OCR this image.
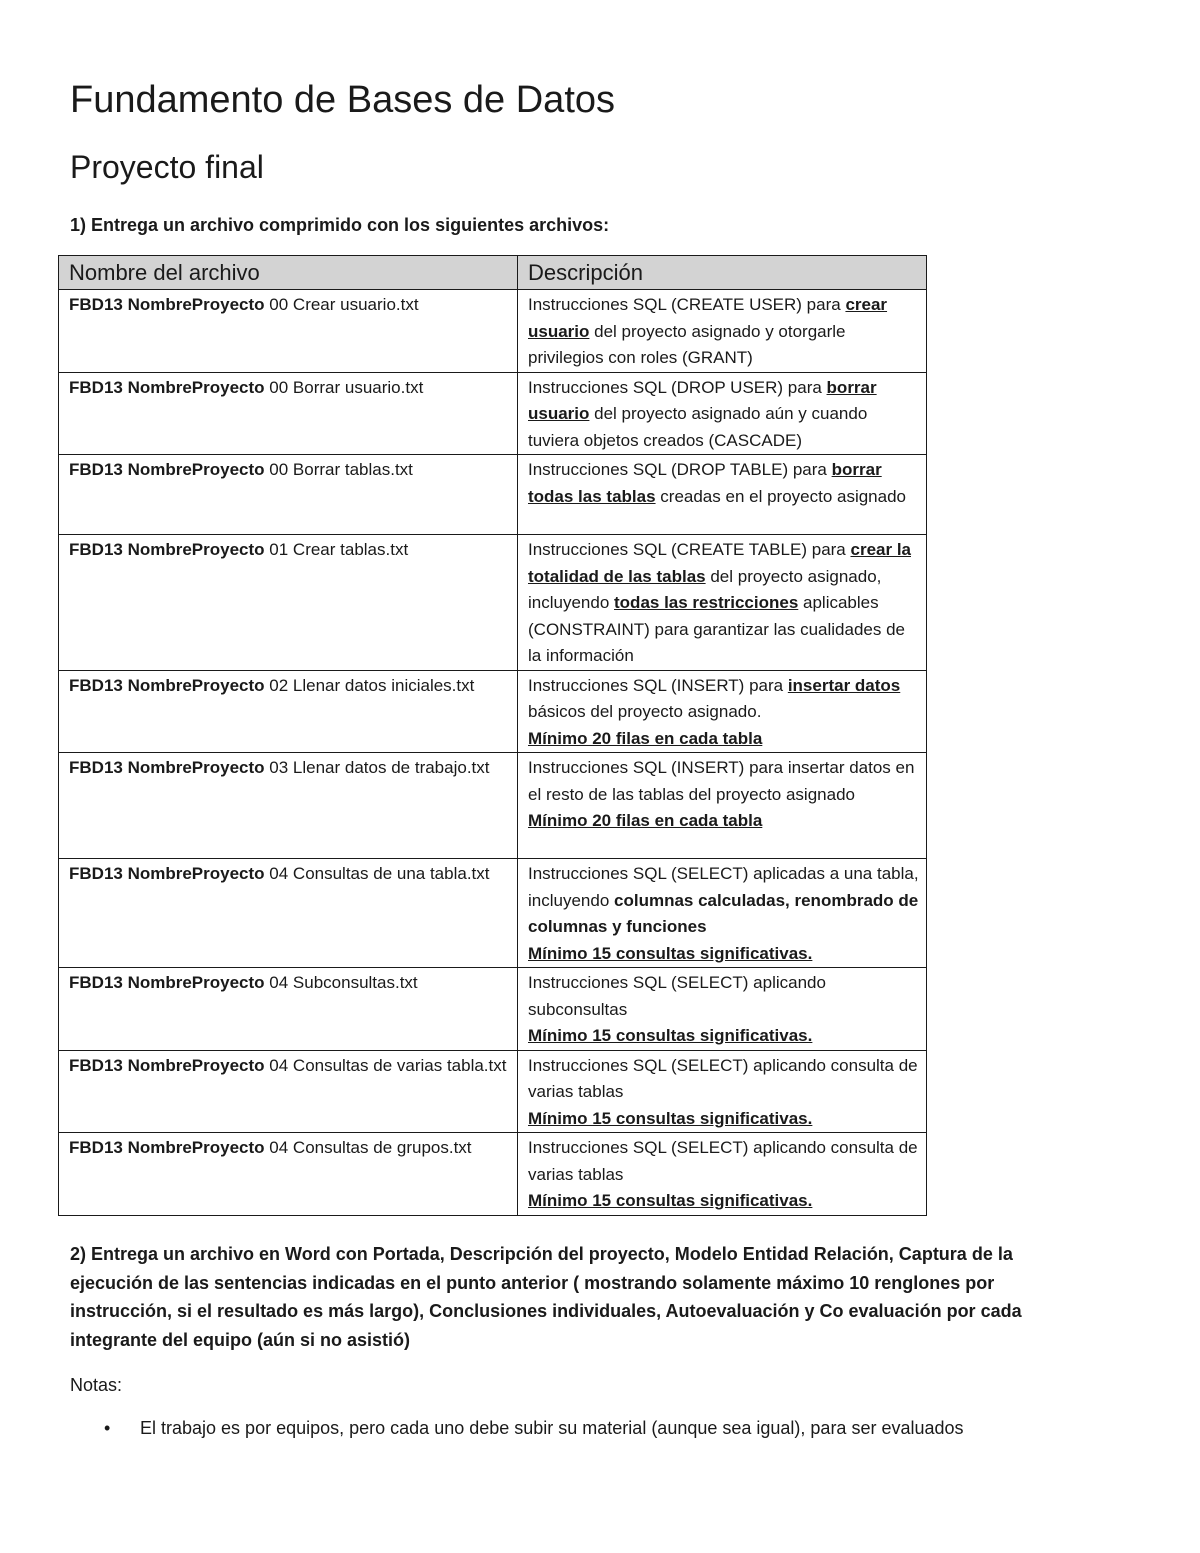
Fundamento de Bases de Datos
Proyecto final

1) Entrega un archivo comprimido con los siguientes archivos:

Nombre del archivo	Descripción
FBD13 NombreProyecto 00 Crear usuario.txt	Instrucciones SQL (CREATE USER) para crear usuario del proyecto asignado y otorgarle privilegios con roles (GRANT)
FBD13 NombreProyecto 00 Borrar usuario.txt	Instrucciones SQL (DROP USER) para borrar usuario del proyecto asignado aún y cuando tuviera objetos creados (CASCADE)
FBD13 NombreProyecto 00 Borrar tablas.txt	Instrucciones SQL (DROP TABLE) para borrar todas las tablas creadas en el proyecto asignado
FBD13 NombreProyecto 01 Crear tablas.txt	Instrucciones SQL (CREATE TABLE) para crear la totalidad de las tablas del proyecto asignado, incluyendo todas las restricciones aplicables (CONSTRAINT) para garantizar las cualidades de la información
FBD13 NombreProyecto 02 Llenar datos iniciales.txt	Instrucciones SQL (INSERT) para insertar datos básicos del proyecto asignado.
Mínimo 20 filas en cada tabla

FBD13 NombreProyecto 03 Llenar datos de trabajo.txt	Instrucciones SQL (INSERT) para insertar datos en el resto de las tablas del proyecto asignado
Mínimo 20 filas en cada tabla

FBD13 NombreProyecto 04 Consultas de una tabla.txt	Instrucciones SQL (SELECT) aplicadas a una tabla, incluyendo columnas calculadas, renombrado de columnas y funciones
Mínimo 15 consultas significativas.

FBD13 NombreProyecto 04 Subconsultas.txt	Instrucciones SQL (SELECT) aplicando subconsultas
Mínimo 15 consultas significativas.

FBD13 NombreProyecto 04 Consultas de varias tabla.txt	Instrucciones SQL (SELECT) aplicando consulta de varias tablas
Mínimo 15 consultas significativas.

FBD13 NombreProyecto 04 Consultas de grupos.txt	Instrucciones SQL (SELECT) aplicando consulta de varias tablas
Mínimo 15 consultas significativas.

2) Entrega un archivo en Word con Portada, Descripción del proyecto, Modelo Entidad Relación, Captura de la ejecución de las sentencias indicadas en el punto anterior ( mostrando solamente máximo 10 renglones por instrucción, si el resultado es más largo), Conclusiones individuales, Autoevaluación y Co evaluación por cada integrante del equipo (aún si no asistió)

Notas:

• El trabajo es por equipos, pero cada uno debe subir su material (aunque sea igual), para ser evaluados
